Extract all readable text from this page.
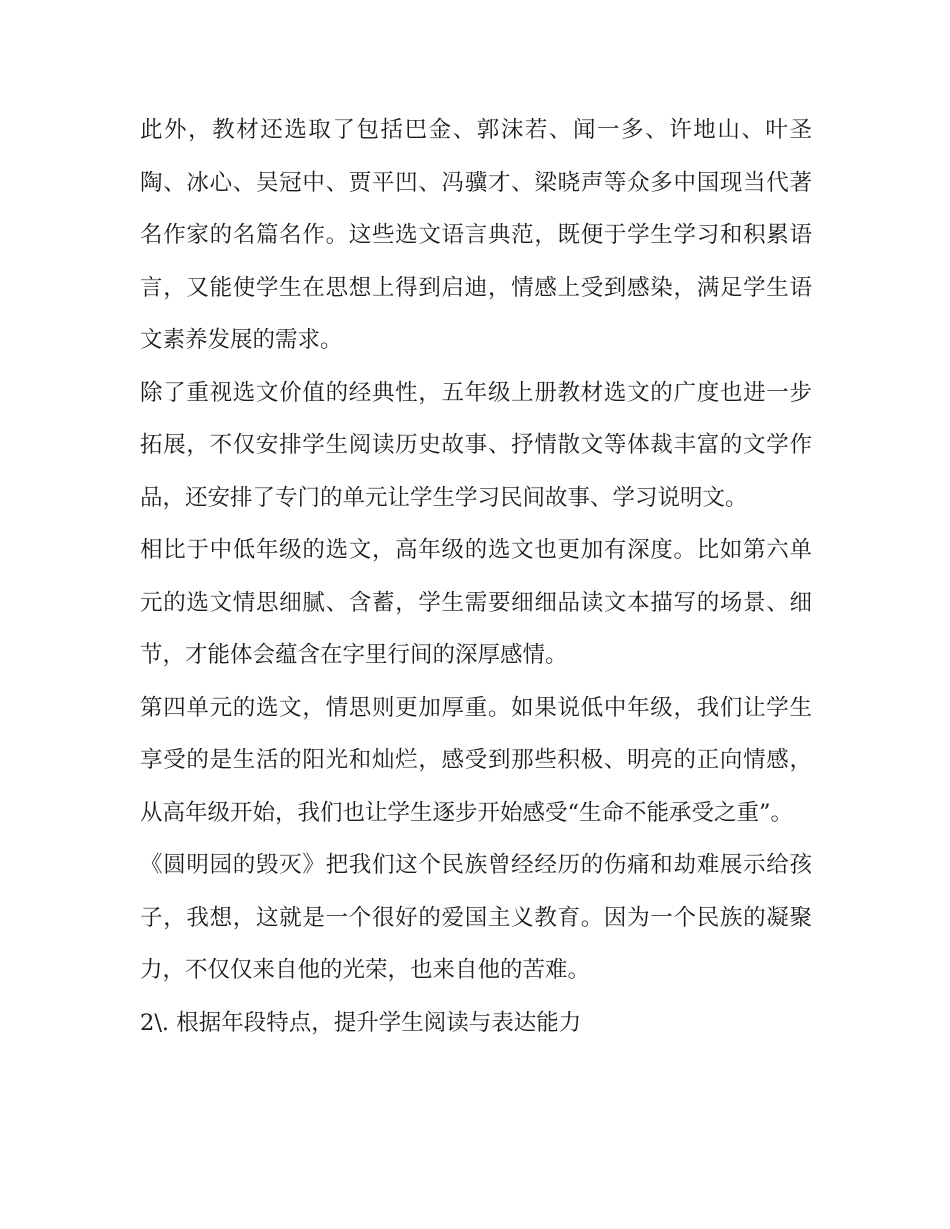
此外，教材还选取了包括巴金、郭沫若、闻一多、许地山、叶圣陶、冰心、吴冠中、贾平凹、冯骥才、梁晓声等众多中国现当代著名作家的名篇名作。这些选文语言典范，既便于学生学习和积累语言，又能使学生在思想上得到启迪，情感上受到感染，满足学生语文素养发展的需求。

除了重视选文价值的经典性，五年级上册教材选文的广度也进一步拓展，不仅安排学生阅读历史故事、抒情散文等体裁丰富的文学作品，还安排了专门的单元让学生学习民间故事、学习说明文。

相比于中低年级的选文，高年级的选文也更加有深度。比如第六单元的选文情思细腻、含蓄，学生需要细细品读文本描写的场景、细节，才能体会蕴含在字里行间的深厚感情。

第四单元的选文，情思则更加厚重。如果说低中年级，我们让学生享受的是生活的阳光和灿烂，感受到那些积极、明亮的正向情感，从高年级开始，我们也让学生逐步开始感受“生命不能承受之重”。

《圆明园的毁灭》把我们这个民族曾经经历的伤痛和劫难展示给孩子，我想，这就是一个很好的爱国主义教育。因为一个民族的凝聚力，不仅仅来自他的光荣，也来自他的苦难。

2\. 根据年段特点，提升学生阅读与表达能力
